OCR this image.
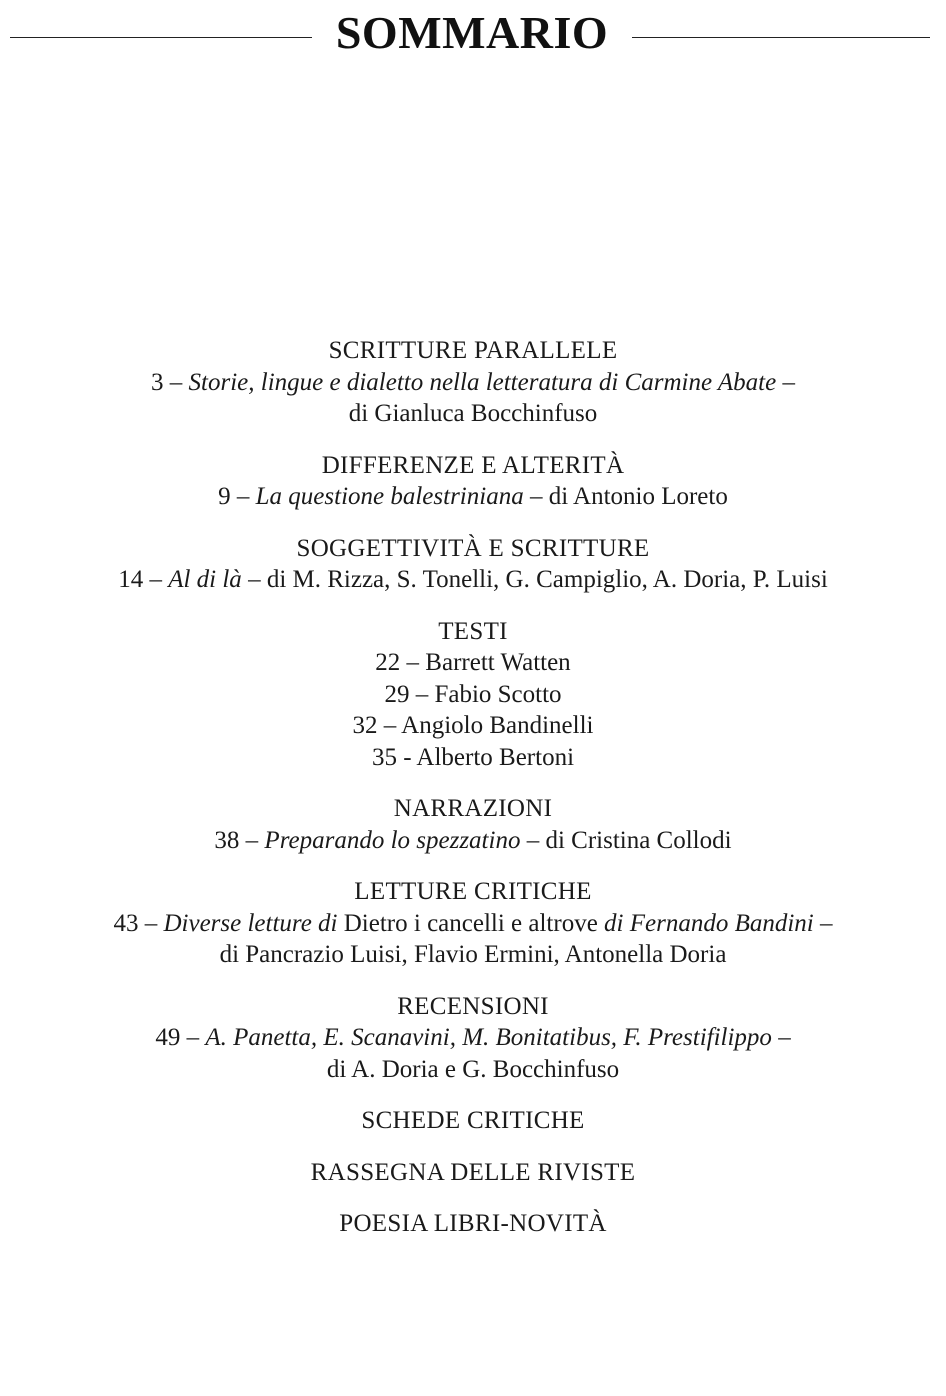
SOMMARIO
SCRITTURE PARALLELE
3 – Storie, lingue e dialetto nella letteratura di Carmine Abate –
di Gianluca Bocchinfuso
DIFFERENZE E ALTERITÀ
9 – La questione balestriniana – di Antonio Loreto
SOGGETTIVITÀ E SCRITTURE
14 – Al di là – di M. Rizza, S. Tonelli, G. Campiglio, A. Doria, P. Luisi
TESTI
22 – Barrett Watten
29 – Fabio Scotto
32 – Angiolo Bandinelli
35 - Alberto Bertoni
NARRAZIONI
38 – Preparando lo spezzatino – di Cristina Collodi
LETTURE CRITICHE
43 – Diverse letture di Dietro i cancelli e altrove di Fernando Bandini –
di Pancrazio Luisi, Flavio Ermini, Antonella Doria
RECENSIONI
49 – A. Panetta, E. Scanavini, M. Bonitatibus, F. Prestifilippo –
di A. Doria e G. Bocchinfuso
SCHEDE CRITICHE
RASSEGNA DELLE RIVISTE
POESIA LIBRI-NOVITÀ
